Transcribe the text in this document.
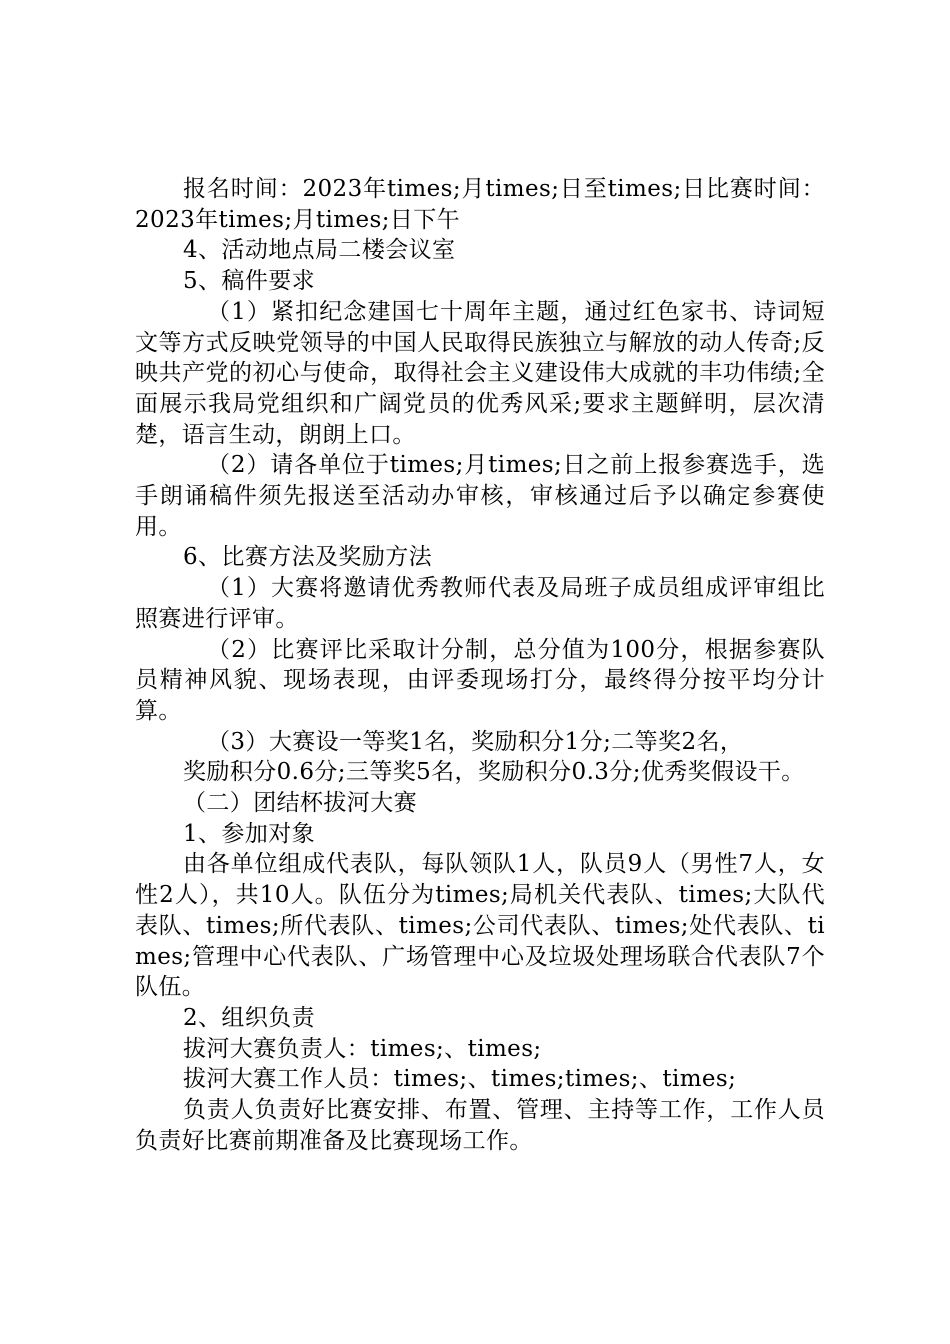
报名时间：2023年times;月times;日至times;日比赛时间：2023年times;月times;日下午

4、活动地点局二楼会议室

5、稿件要求

（1）紧扣纪念建国七十周年主题，通过红色家书、诗词短文等方式反映党领导的中国人民取得民族独立与解放的动人传奇;反映共产党的初心与使命，取得社会主义建设伟大成就的丰功伟绩;全面展示我局党组织和广阔党员的优秀风采;要求主题鲜明，层次清楚，语言生动，朗朗上口。

（2）请各单位于times;月times;日之前上报参赛选手，选手朗诵稿件须先报送至活动办审核，审核通过后予以确定参赛使用。

6、比赛方法及奖励方法

（1）大赛将邀请优秀教师代表及局班子成员组成评审组比照赛进行评审。

（2）比赛评比采取计分制，总分值为100分，根据参赛队员精神风貌、现场表现，由评委现场打分，最终得分按平均分计算。

（3）大赛设一等奖1名，奖励积分1分;二等奖2名，

奖励积分0.6分;三等奖5名，奖励积分0.3分;优秀奖假设干。

（二）团结杯拔河大赛

1、参加对象

由各单位组成代表队，每队领队1人，队员9人（男性7人，女性2人），共10人。队伍分为times;局机关代表队、times;大队代表队、times;所代表队、times;公司代表队、times;处代表队、times;管理中心代表队、广场管理中心及垃圾处理场联合代表队7个队伍。

2、组织负责

拔河大赛负责人：times;、times;

拔河大赛工作人员：times;、times;times;、times;

负责人负责好比赛安排、布置、管理、主持等工作，工作人员负责好比赛前期准备及比赛现场工作。
